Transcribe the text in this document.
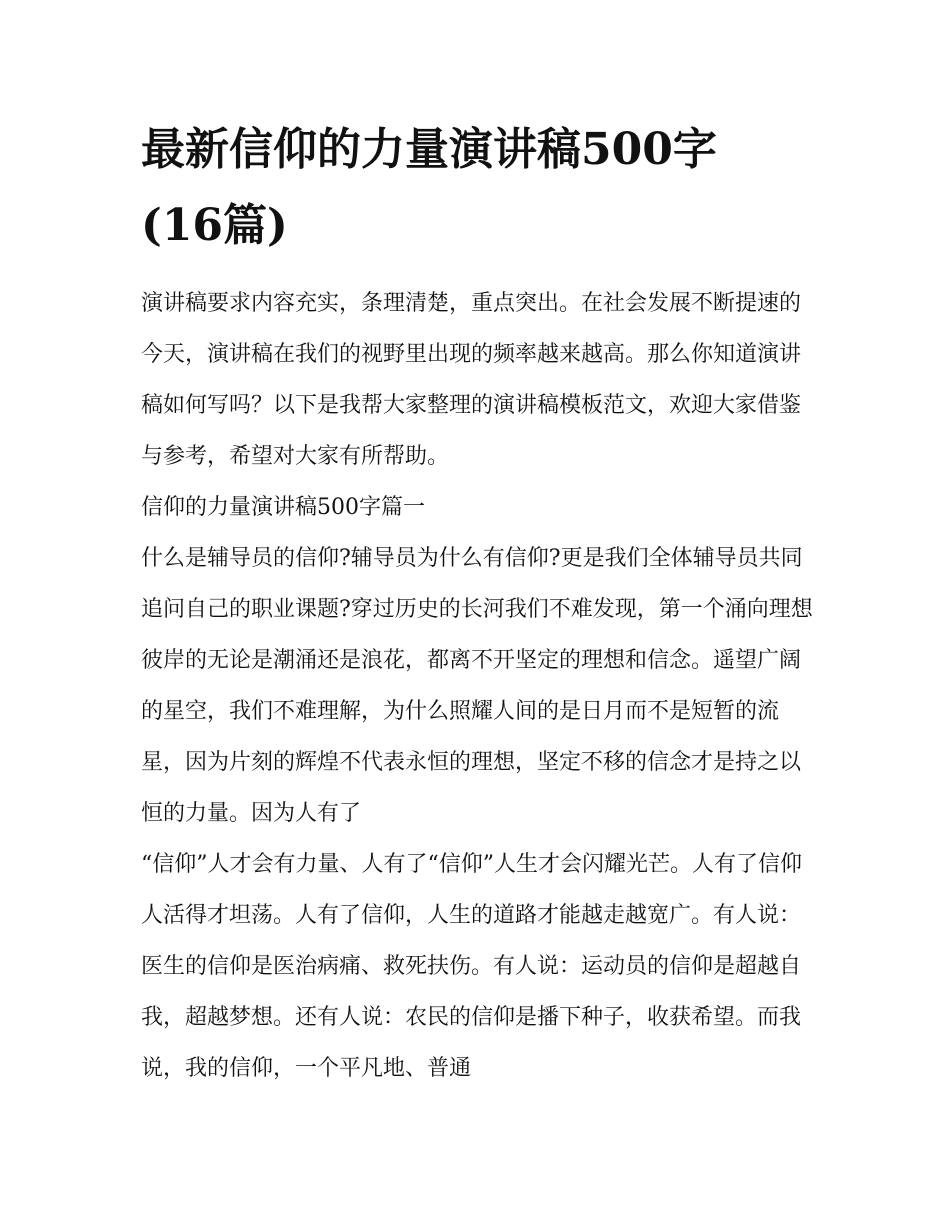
最新信仰的力量演讲稿500字
(16篇)

演讲稿要求内容充实，条理清楚，重点突出。在社会发展不断提速的今天，演讲稿在我们的视野里出现的频率越来越高。那么你知道演讲稿如何写吗？以下是我帮大家整理的演讲稿模板范文，欢迎大家借鉴与参考，希望对大家有所帮助。

信仰的力量演讲稿500字篇一

什么是辅导员的信仰?辅导员为什么有信仰?更是我们全体辅导员共同追问自己的职业课题?穿过历史的长河我们不难发现，第一个涌向理想彼岸的无论是潮涌还是浪花，都离不开坚定的理想和信念。遥望广阔的星空，我们不难理解，为什么照耀人间的是日月而不是短暂的流星，因为片刻的辉煌不代表永恒的理想，坚定不移的信念才是持之以恒的力量。因为人有了

“信仰”人才会有力量、人有了“信仰”人生才会闪耀光芒。人有了信仰人活得才坦荡。人有了信仰，人生的道路才能越走越宽广。有人说：医生的信仰是医治病痛、救死扶伤。有人说：运动员的信仰是超越自我，超越梦想。还有人说：农民的信仰是播下种子，收获希望。而我说，我的信仰，一个平凡地、普通
